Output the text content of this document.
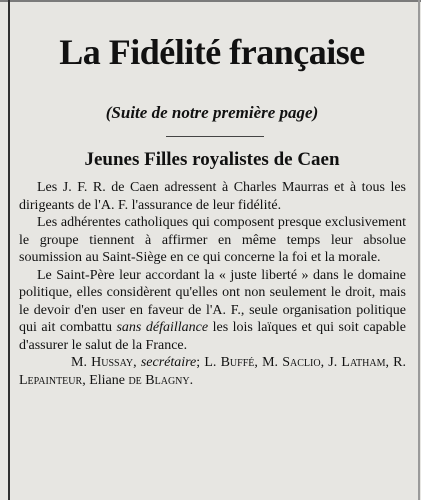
La Fidélité française
(Suite de notre première page)
Jeunes Filles royalistes de Caen

Les J. F. R. de Caen adressent à Charles Maurras et à tous les dirigeants de l'A. F. l'assurance de leur fidélité.

Les adhérentes catholiques qui composent presque exclusivement le groupe tiennent à affirmer en même temps leur absolue soumission au Saint-Siège en ce qui concerne la foi et la morale.

Le Saint-Père leur accordant la « juste liberté » dans le domaine politique, elles considèrent qu'elles ont non seulement le droit, mais le devoir d'en user en faveur de l'A. F., seule organisation politique qui ait combattu sans défaillance les lois laïques et qui soit capable d'assurer le salut de la France.

M. Hussay, secrétaire; L. Buffé, M. Saclio, J. Latham, R. Lepainteur, Eliane de Blagny.
